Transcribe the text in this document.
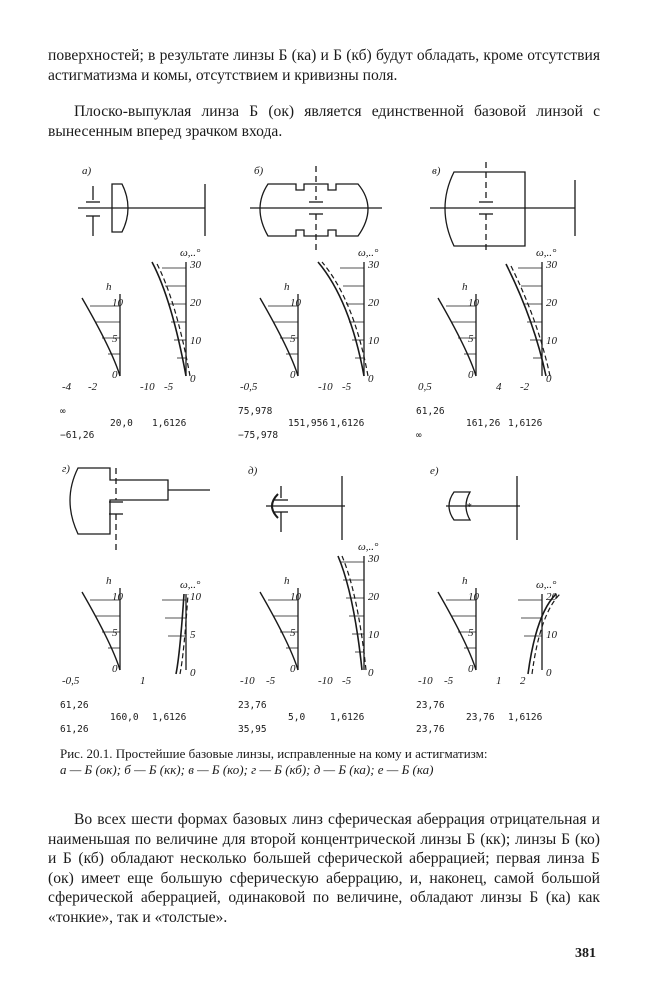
поверхностей; в результате линзы Б (ка) и Б (кб) будут обладать, кроме отсутствия астигматизма и комы, отсутствием и кривизны поля.

Плоско-выпуклая линза Б (ок) является единственной базовой линзой с вынесенным вперед зрачком входа.

*
а)	б)	в)
г)	д)	е)
h
10
5
0
-4 -2
ω,..°
30
20
10
0
-10 -5
∞
20,0 1,6126
−61,26
h
10
5
0
-0,5
ω,..°
30
20
10
0
-10 -5
75,978
151,956 1,6126
−75,978
h
10
5
0
0,5
ω,..°
30
20
10
0
4 -2
61,26
161,26 1,6126
∞
h
10
5
0
-0,5
ω,..°
10
5
0
1
61,26
160,0 1,6126
61,26
h
10
5
0
-10 -5
ω,..°
30
20
10
0
-10 -5
23,76
5,0	1,6126
35,95
h
10
5
0
-10 -5
ω,..°
20
10
0
1 2
23,76
23,76 1,6126
23,76
Рис. 20.1. Простейшие базовые линзы, исправленные на кому и астигматизм:
а — Б (ок); б — Б (кк); в — Б (ко); г — Б (кб); д — Б (ка); е — Б (ка)

Во всех шести формах базовых линз сферическая аберрация отрицательная и наименьшая по величине для второй концентрической линзы Б (кк); линзы Б (ко) и Б (кб) обладают несколько большей сферической аберрацией; первая линза Б (ок) имеет еще большую сферическую аберрацию, и, наконец, самой большой сферической аберрацией, одинаковой по величине, обладают линзы Б (ка) как «тонкие», так и «толстые».

381
